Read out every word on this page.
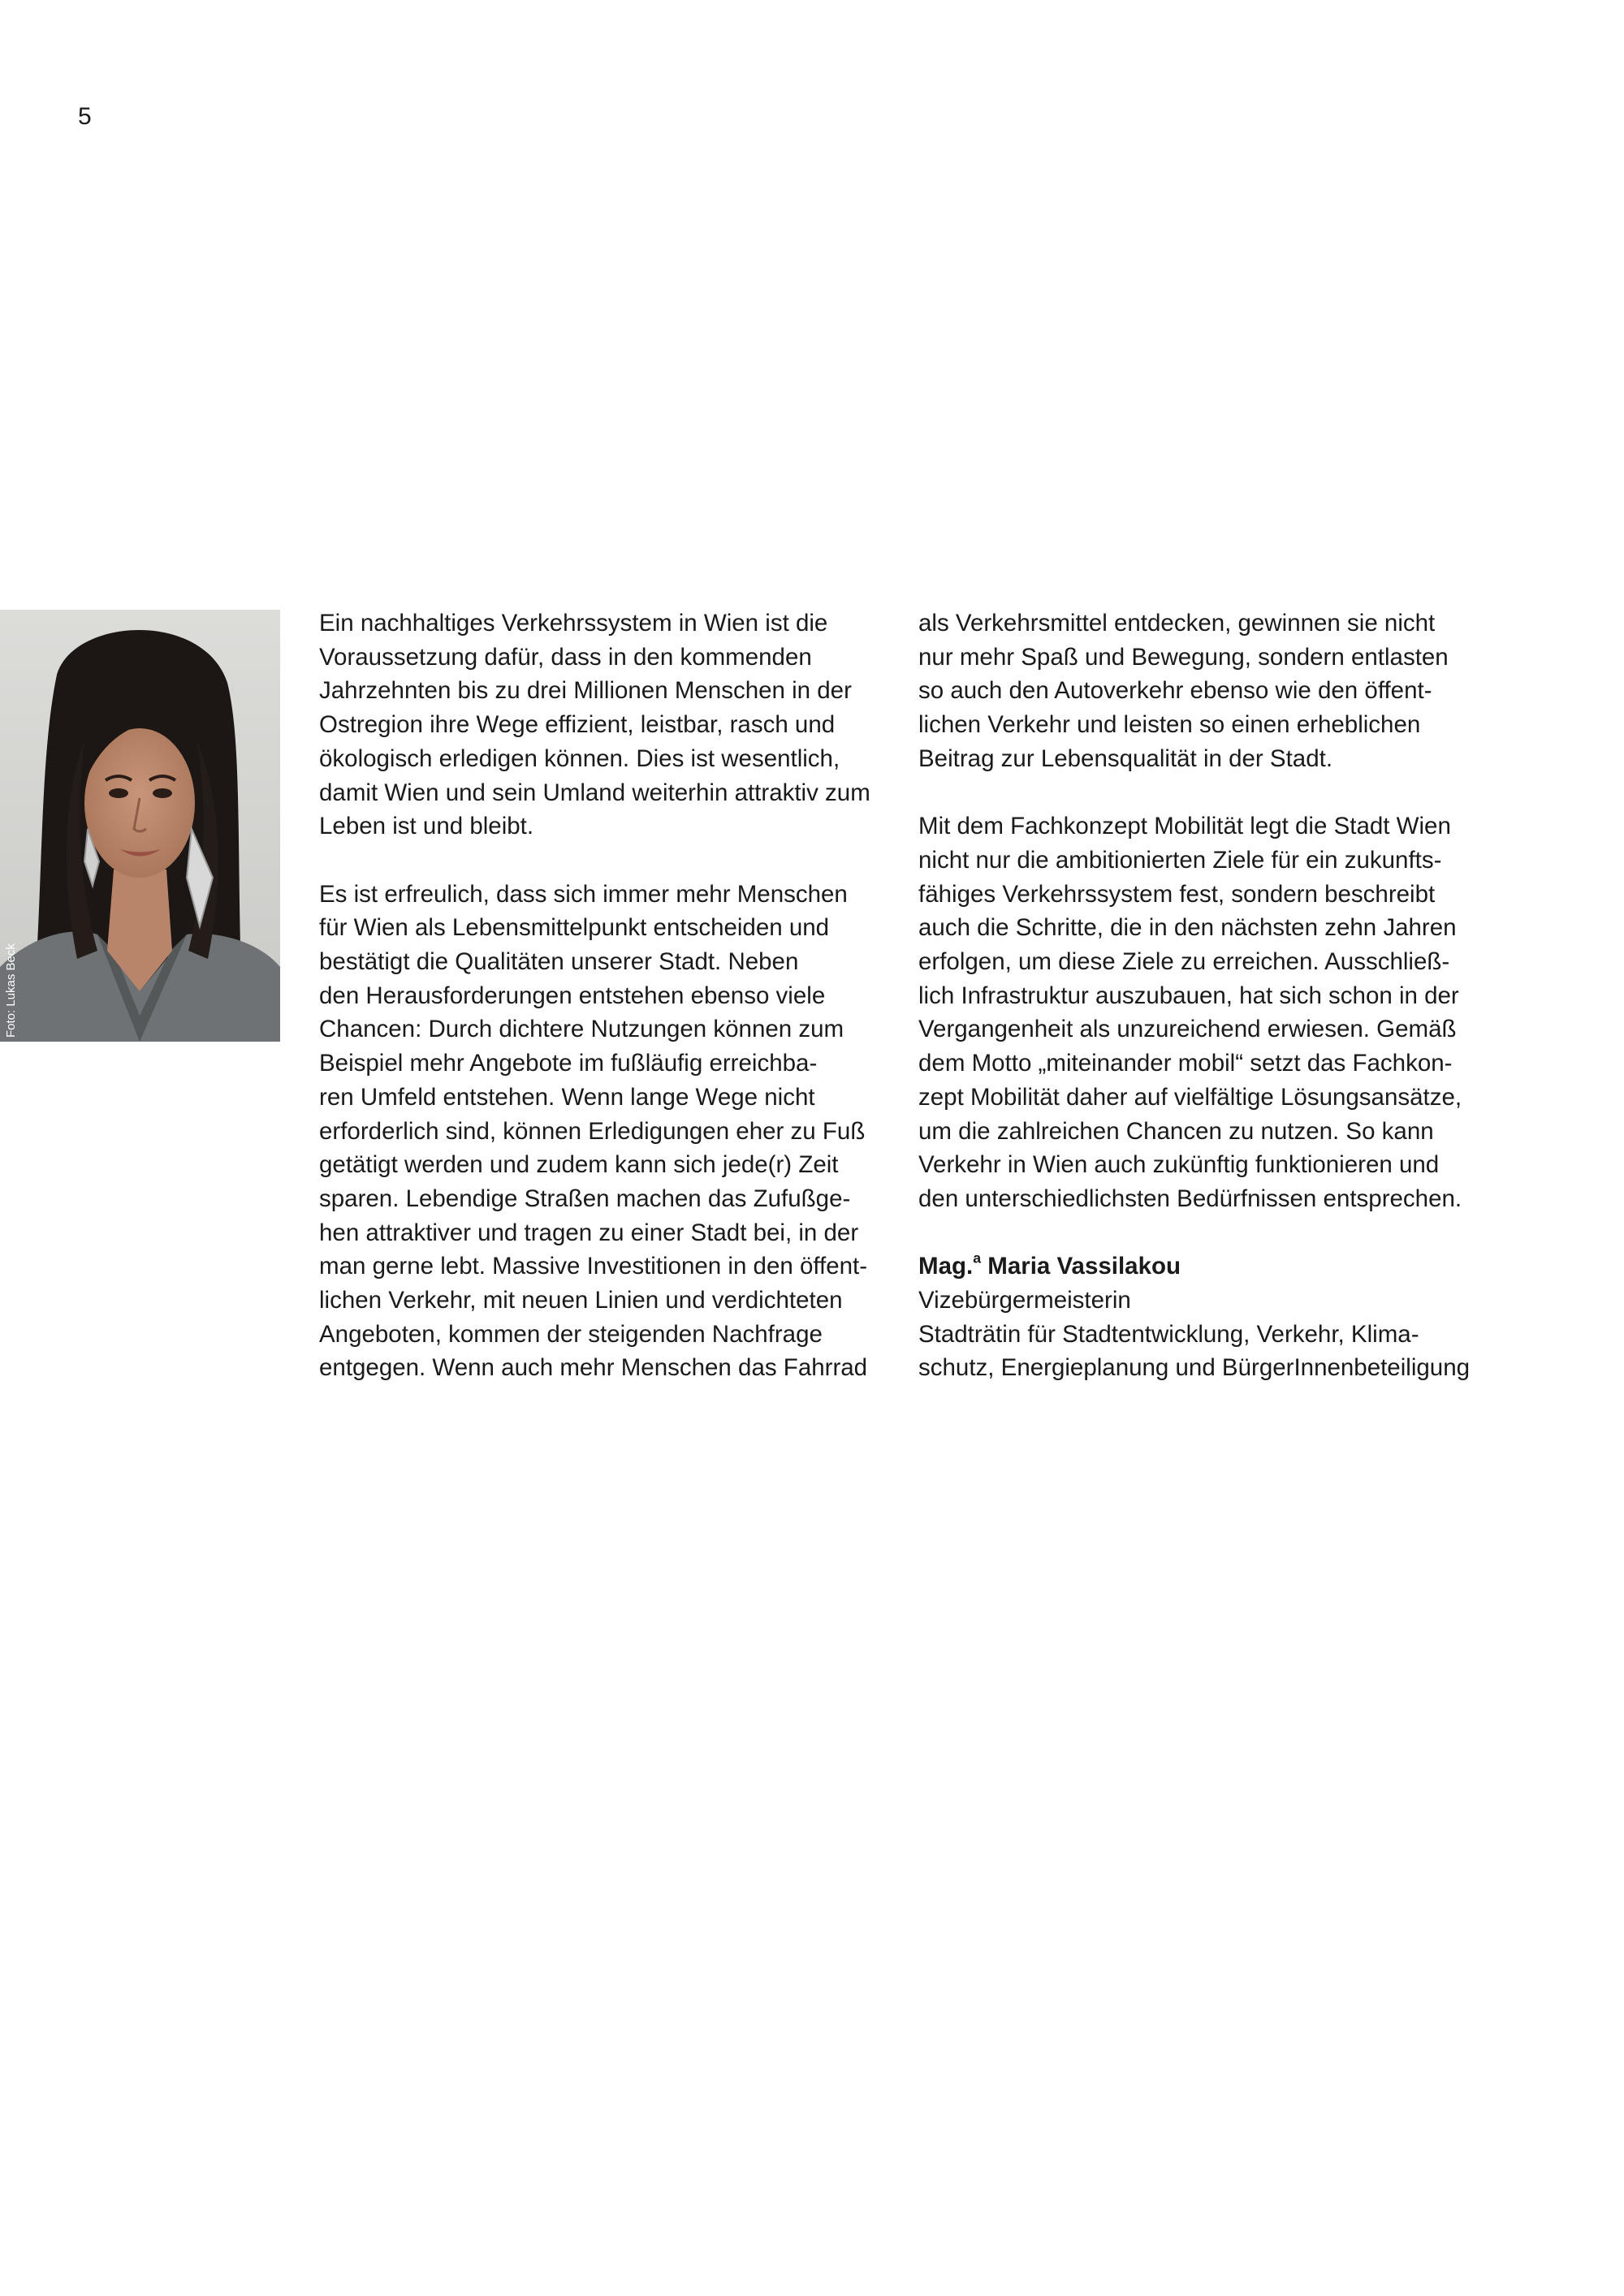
5
Foto: Lukas Beck
Ein nachhaltiges Verkehrssystem in Wien ist die
Voraussetzung dafür, dass in den kommenden
Jahrzehnten bis zu drei Millionen Menschen in der
Ostregion ihre Wege effizient, leistbar, rasch und
ökologisch erledigen können. Dies ist wesentlich,
damit Wien und sein Umland weiterhin attraktiv zum
Leben ist und bleibt.
Es ist erfreulich, dass sich immer mehr Menschen
für Wien als Lebensmittelpunkt entscheiden und
bestätigt die Qualitäten unserer Stadt. Neben
den Herausforderungen entstehen ebenso viele
Chancen: Durch dichtere Nutzungen können zum
Beispiel mehr Angebote im fußläufig erreichba-
ren Umfeld entstehen. Wenn lange Wege nicht
erforderlich sind, können Erledigungen eher zu Fuß
getätigt werden und zudem kann sich jede(r) Zeit
sparen. Lebendige Straßen machen das Zufußge-
hen attraktiver und tragen zu einer Stadt bei, in der
man gerne lebt. Massive Investitionen in den öffent-
lichen Verkehr, mit neuen Linien und verdichteten
Angeboten, kommen der steigenden Nachfrage
entgegen. Wenn auch mehr Menschen das Fahrrad
als Verkehrsmittel entdecken, gewinnen sie nicht
nur mehr Spaß und Bewegung, sondern entlasten
so auch den Autoverkehr ebenso wie den öffent-
lichen Verkehr und leisten so einen erheblichen
Beitrag zur Lebensqualität in der Stadt.
Mit dem Fachkonzept Mobilität legt die Stadt Wien
nicht nur die ambitionierten Ziele für ein zukunfts-
fähiges Verkehrssystem fest, sondern beschreibt
auch die Schritte, die in den nächsten zehn Jahren
erfolgen, um diese Ziele zu erreichen. Ausschließ-
lich Infrastruktur auszubauen, hat sich schon in der
Vergangenheit als unzureichend erwiesen. Gemäß
dem Motto „miteinander mobil“ setzt das Fachkon-
zept Mobilität daher auf vielfältige Lösungsansätze,
um die zahlreichen Chancen zu nutzen. So kann
Verkehr in Wien auch zukünftig funktionieren und
den unterschiedlichsten Bedürfnissen entsprechen.
Mag.$^a$ Maria Vassilakou
Vizebürgermeisterin
Stadträtin für Stadtentwicklung, Verkehr, Klima-
schutz, Energieplanung und BürgerInnenbeteiligung
